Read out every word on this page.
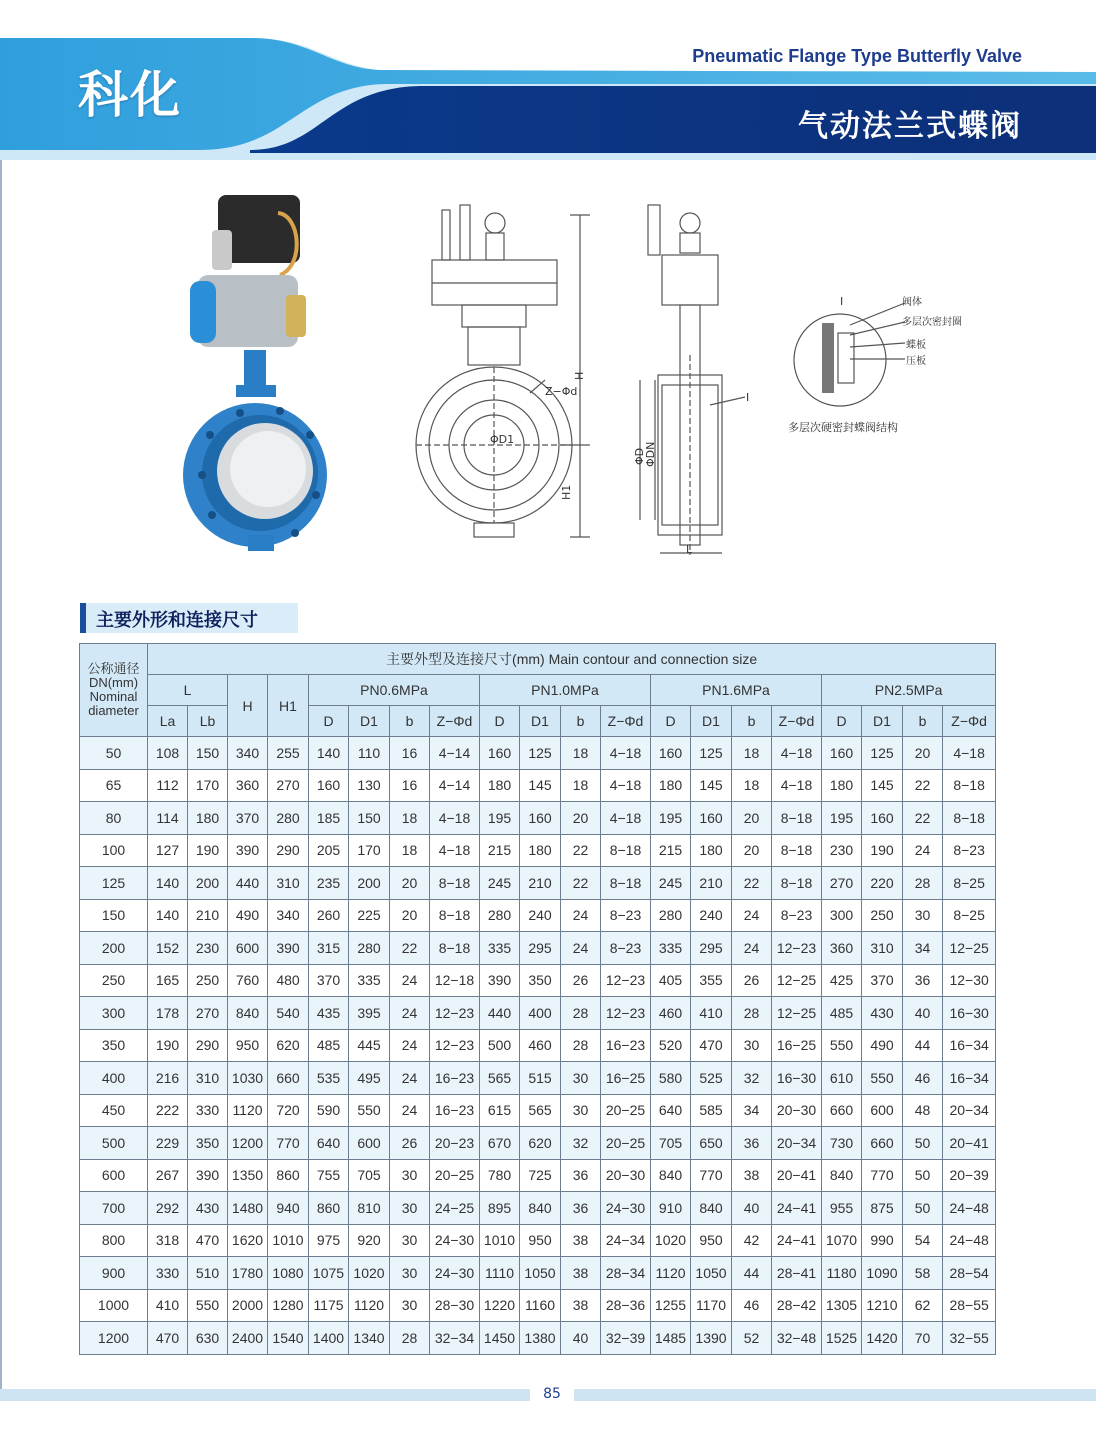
科化
Pneumatic Flange Type Butterfly Valve
气动法兰式蝶阀
Z−Φd
H
H1
ΦD1
ΦD
ΦDN
L
I
I	阀体
多层次密封圈
蝶板
压板
多层次硬密封蝶阀结构
主要外形和连接尺寸
公称通径
DN(mm)
Nominal
diameter	主要外型及连接尺寸(mm) Main contour and connection size																			
	L		H	H1	PN0.6MPa				PN1.0MPa				PN1.6MPa				PN2.5MPa			
	La	Lb			D	D1	b	Z−Φd	D	D1	b	Z−Φd	D	D1	b	Z−Φd	D	D1	b	Z−Φd
50	108	150	340	255	140	110	16	4−14	160	125	18	4−18	160	125	18	4−18	160	125	20	4−18
65	112	170	360	270	160	130	16	4−14	180	145	18	4−18	180	145	18	4−18	180	145	22	8−18
80	114	180	370	280	185	150	18	4−18	195	160	20	4−18	195	160	20	8−18	195	160	22	8−18
100	127	190	390	290	205	170	18	4−18	215	180	22	8−18	215	180	20	8−18	230	190	24	8−23
125	140	200	440	310	235	200	20	8−18	245	210	22	8−18	245	210	22	8−18	270	220	28	8−25
150	140	210	490	340	260	225	20	8−18	280	240	24	8−23	280	240	24	8−23	300	250	30	8−25
200	152	230	600	390	315	280	22	8−18	335	295	24	8−23	335	295	24	12−23	360	310	34	12−25
250	165	250	760	480	370	335	24	12−18	390	350	26	12−23	405	355	26	12−25	425	370	36	12−30
300	178	270	840	540	435	395	24	12−23	440	400	28	12−23	460	410	28	12−25	485	430	40	16−30
350	190	290	950	620	485	445	24	12−23	500	460	28	16−23	520	470	30	16−25	550	490	44	16−34
400	216	310	1030	660	535	495	24	16−23	565	515	30	16−25	580	525	32	16−30	610	550	46	16−34
450	222	330	1120	720	590	550	24	16−23	615	565	30	20−25	640	585	34	20−30	660	600	48	20−34
500	229	350	1200	770	640	600	26	20−23	670	620	32	20−25	705	650	36	20−34	730	660	50	20−41
600	267	390	1350	860	755	705	30	20−25	780	725	36	20−30	840	770	38	20−41	840	770	50	20−39
700	292	430	1480	940	860	810	30	24−25	895	840	36	24−30	910	840	40	24−41	955	875	50	24−48
800	318	470	1620	1010	975	920	30	24−30	1010	950	38	24−34	1020	950	42	24−41	1070	990	54	24−48
900	330	510	1780	1080	1075	1020	30	24−30	1110	1050	38	28−34	1120	1050	44	28−41	1180	1090	58	28−54
1000	410	550	2000	1280	1175	1120	30	28−30	1220	1160	38	28−36	1255	1170	46	28−42	1305	1210	62	28−55
1200	470	630	2400	1540	1400	1340	28	32−34	1450	1380	40	32−39	1485	1390	52	32−48	1525	1420	70	32−55
85
